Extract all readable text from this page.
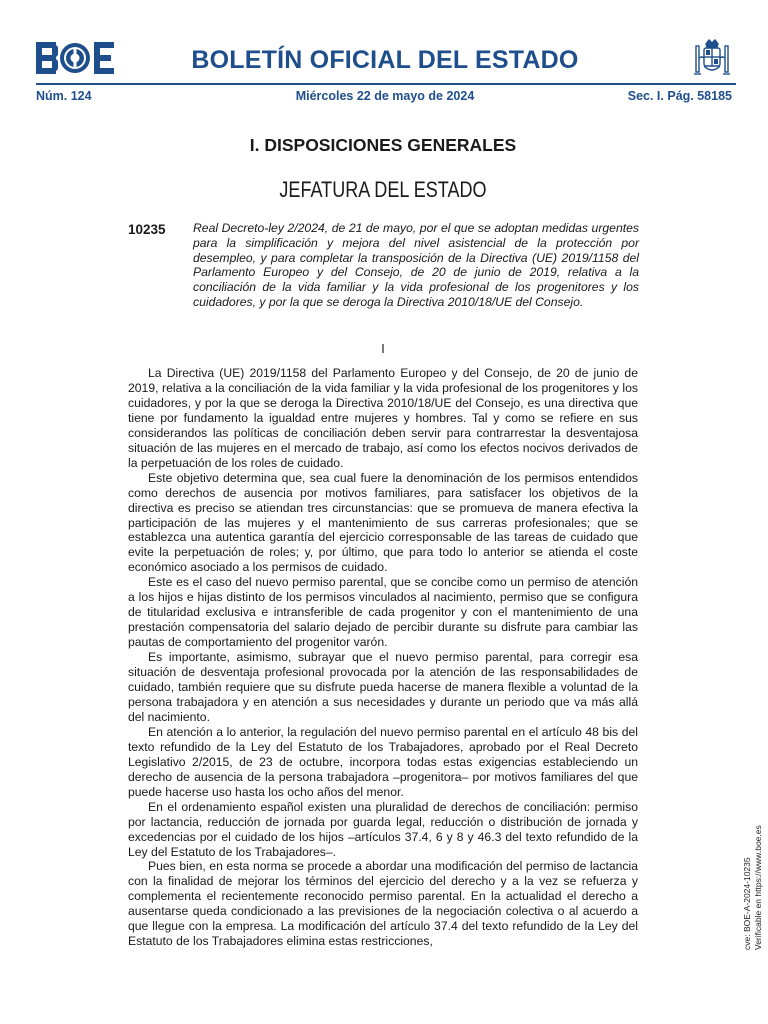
BOLETÍN OFICIAL DEL ESTADO
Núm. 124	Miércoles 22 de mayo de 2024	Sec. I. Pág. 58185
I. DISPOSICIONES GENERALES
JEFATURA DEL ESTADO
10235 Real Decreto-ley 2/2024, de 21 de mayo, por el que se adoptan medidas urgentes para la simplificación y mejora del nivel asistencial de la protección por desempleo, y para completar la transposición de la Directiva (UE) 2019/1158 del Parlamento Europeo y del Consejo, de 20 de junio de 2019, relativa a la conciliación de la vida familiar y la vida profesional de los progenitores y los cuidadores, y por la que se deroga la Directiva 2010/18/UE del Consejo.
I

La Directiva (UE) 2019/1158 del Parlamento Europeo y del Consejo, de 20 de junio de 2019, relativa a la conciliación de la vida familiar y la vida profesional de los progenitores y los cuidadores, y por la que se deroga la Directiva 2010/18/UE del Consejo, es una directiva que tiene por fundamento la igualdad entre mujeres y hombres. Tal y como se refiere en sus considerandos las políticas de conciliación deben servir para contrarrestar la desventajosa situación de las mujeres en el mercado de trabajo, así como los efectos nocivos derivados de la perpetuación de los roles de cuidado.

Este objetivo determina que, sea cual fuere la denominación de los permisos entendidos como derechos de ausencia por motivos familiares, para satisfacer los objetivos de la directiva es preciso se atiendan tres circunstancias: que se promueva de manera efectiva la participación de las mujeres y el mantenimiento de sus carreras profesionales; que se establezca una autentica garantía del ejercicio corresponsable de las tareas de cuidado que evite la perpetuación de roles; y, por último, que para todo lo anterior se atienda el coste económico asociado a los permisos de cuidado.

Este es el caso del nuevo permiso parental, que se concibe como un permiso de atención a los hijos e hijas distinto de los permisos vinculados al nacimiento, permiso que se configura de titularidad exclusiva e intransferible de cada progenitor y con el mantenimiento de una prestación compensatoria del salario dejado de percibir durante su disfrute para cambiar las pautas de comportamiento del progenitor varón.

Es importante, asimismo, subrayar que el nuevo permiso parental, para corregir esa situación de desventaja profesional provocada por la atención de las responsabilidades de cuidado, también requiere que su disfrute pueda hacerse de manera flexible a voluntad de la persona trabajadora y en atención a sus necesidades y durante un periodo que va más allá del nacimiento.

En atención a lo anterior, la regulación del nuevo permiso parental en el artículo 48 bis del texto refundido de la Ley del Estatuto de los Trabajadores, aprobado por el Real Decreto Legislativo 2/2015, de 23 de octubre, incorpora todas estas exigencias estableciendo un derecho de ausencia de la persona trabajadora –progenitora– por motivos familiares del que puede hacerse uso hasta los ocho años del menor.

En el ordenamiento español existen una pluralidad de derechos de conciliación: permiso por lactancia, reducción de jornada por guarda legal, reducción o distribución de jornada y excedencias por el cuidado de los hijos –artículos 37.4, 6 y 8 y 46.3 del texto refundido de la Ley del Estatuto de los Trabajadores–.

Pues bien, en esta norma se procede a abordar una modificación del permiso de lactancia con la finalidad de mejorar los términos del ejercicio del derecho y a la vez se refuerza y complementa el recientemente reconocido permiso parental. En la actualidad el derecho a ausentarse queda condicionado a las previsiones de la negociación colectiva o al acuerdo a que llegue con la empresa. La modificación del artículo 37.4 del texto refundido de la Ley del Estatuto de los Trabajadores elimina estas restricciones,	cve: BOE-A-2024-10235 Verificable en https://www.boe.es
